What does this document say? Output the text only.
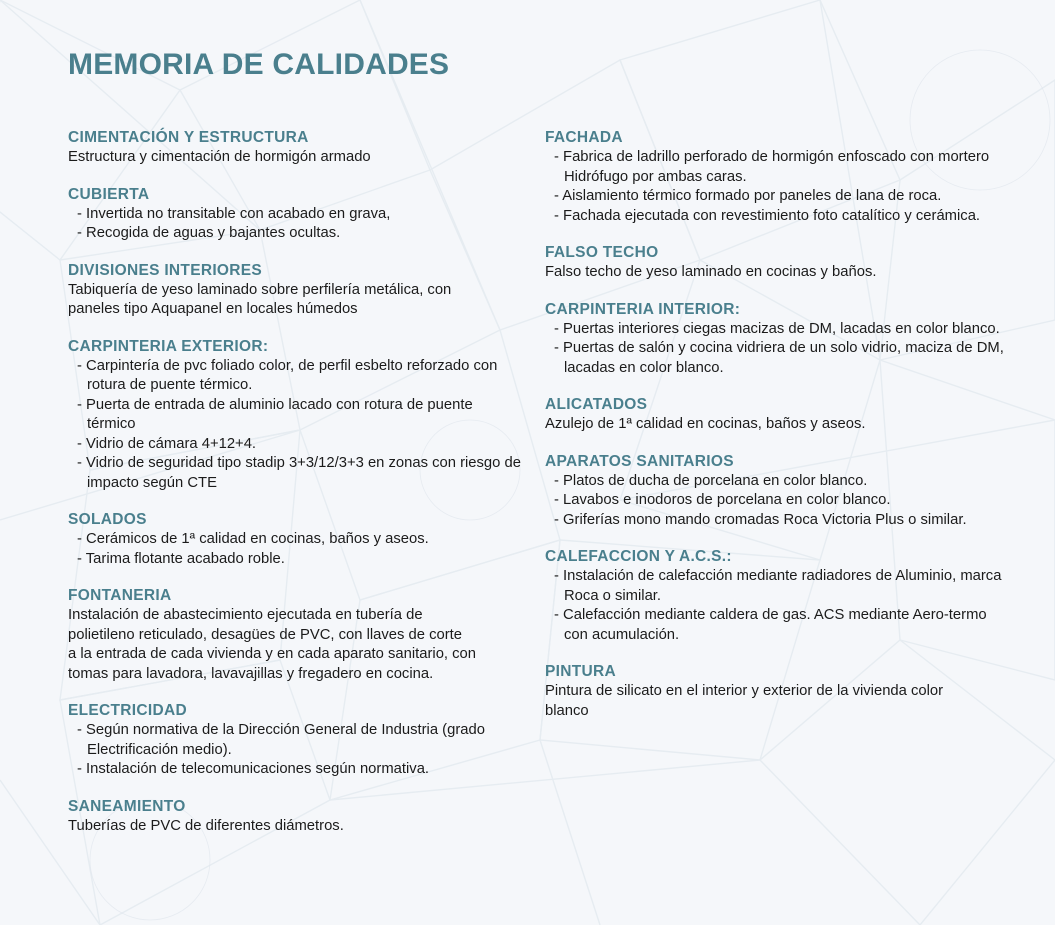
MEMORIA DE CALIDADES
CIMENTACIÓN Y ESTRUCTURA

Estructura y cimentación de hormigón armado

CUBIERTA

- Invertida no transitable con acabado en grava,

- Recogida de aguas y bajantes ocultas.

DIVISIONES INTERIORES

Tabiquería de yeso laminado sobre perfilería metálica, con

paneles tipo Aquapanel en locales húmedos

CARPINTERIA EXTERIOR:

- Carpintería de pvc foliado color, de perfil esbelto reforzado con rotura de puente térmico.

- Puerta de entrada de aluminio lacado con rotura de puente térmico

- Vidrio de cámara 4+12+4.

- Vidrio de seguridad tipo stadip 3+3/12/3+3 en zonas con riesgo de impacto según CTE

SOLADOS

- Cerámicos de 1ª calidad en cocinas, baños y aseos.

- Tarima flotante acabado roble.

FONTANERIA

Instalación de abastecimiento ejecutada en tubería de

polietileno reticulado, desagües de PVC, con llaves de corte

a la entrada de cada vivienda y en cada aparato sanitario, con

tomas para lavadora, lavavajillas y fregadero en cocina.

ELECTRICIDAD

- Según normativa de la Dirección General de Industria (grado Electrificación medio).

- Instalación de telecomunicaciones según normativa.

SANEAMIENTO

Tuberías de PVC de diferentes diámetros.

FACHADA

- Fabrica de ladrillo perforado de hormigón enfoscado con mortero Hidrófugo por ambas caras.

- Aislamiento térmico formado por paneles de lana de roca.

- Fachada ejecutada con revestimiento foto catalítico y cerámica.

FALSO TECHO

Falso techo de yeso laminado en cocinas y baños.

CARPINTERIA INTERIOR:

- Puertas interiores ciegas macizas de DM, lacadas en color blanco.

- Puertas de salón y cocina vidriera de un solo vidrio, maciza de DM, lacadas en color blanco.

ALICATADOS

Azulejo de 1ª calidad en cocinas, baños y aseos.

APARATOS SANITARIOS

- Platos de ducha de porcelana en color blanco.

- Lavabos e inodoros de porcelana en color blanco.

- Griferías mono mando cromadas Roca Victoria Plus o similar.

CALEFACCION Y A.C.S.:

- Instalación de calefacción mediante radiadores de Aluminio, marca Roca o similar.

- Calefacción mediante caldera de gas. ACS mediante Aero-termo con acumulación.

PINTURA

Pintura de silicato en el interior y exterior de la vivienda color

blanco
